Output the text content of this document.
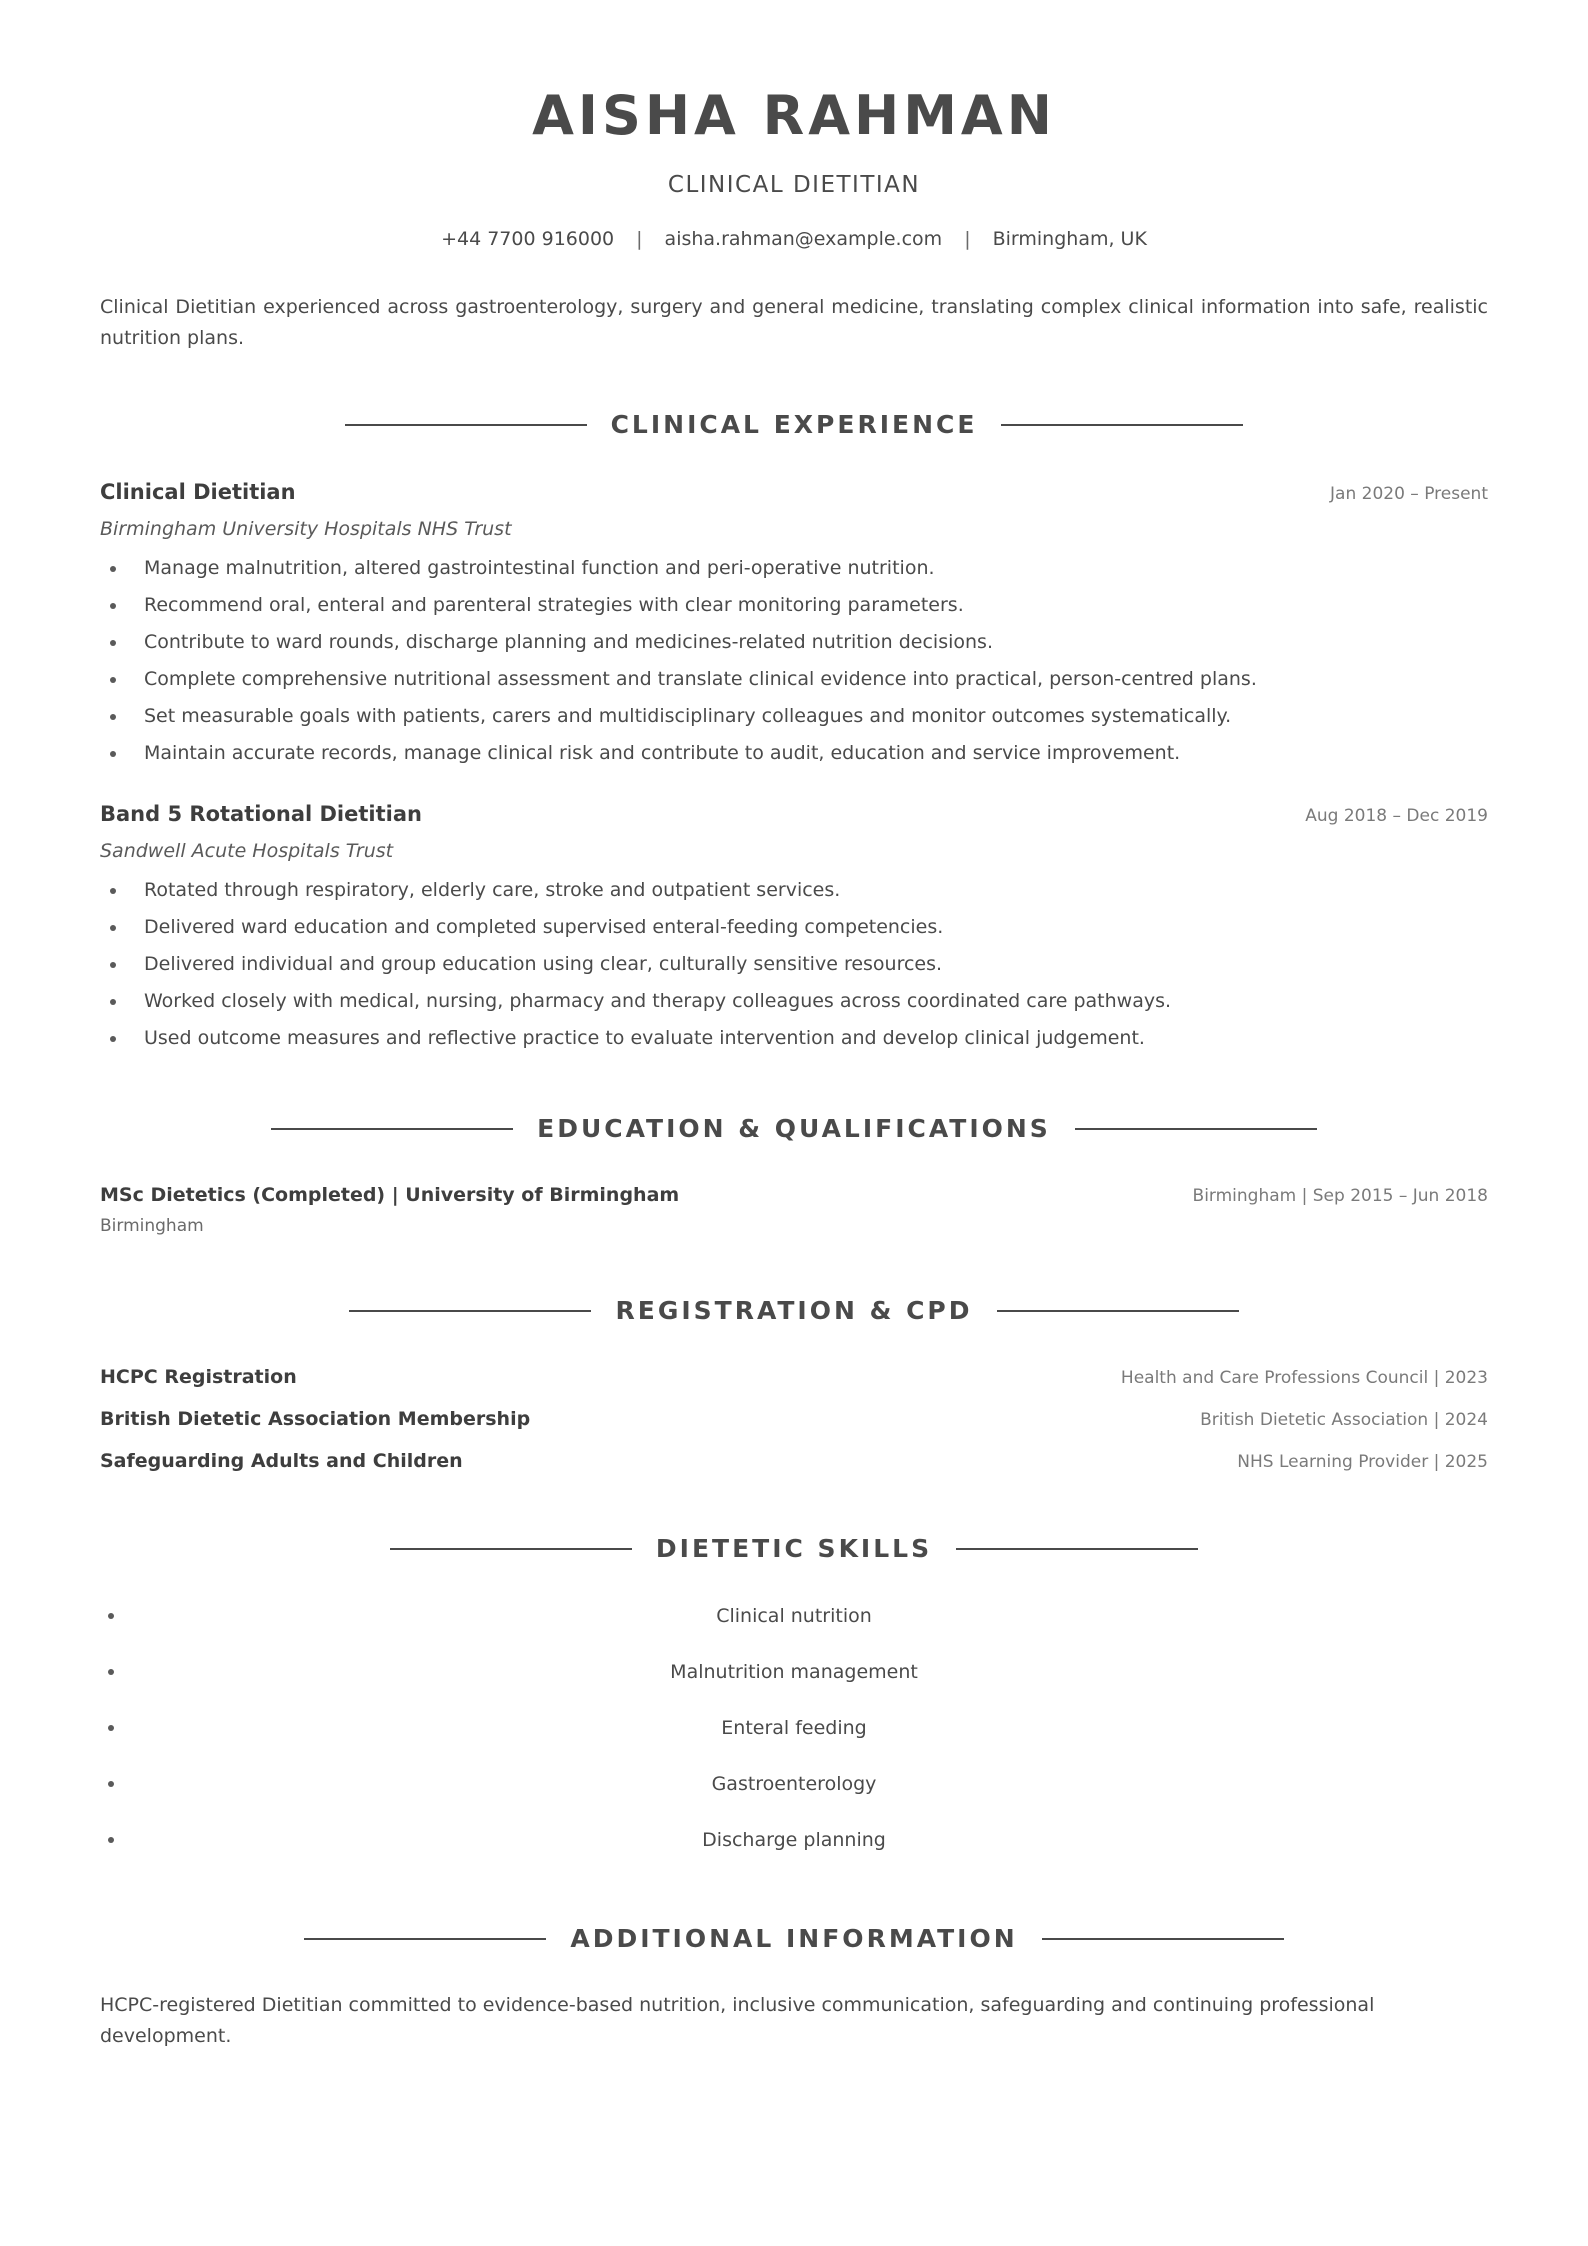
AISHA RAHMAN
CLINICAL DIETITIAN
+44 7700 916000 | aisha.rahman@example.com | Birmingham, UK
Clinical Dietitian experienced across gastroenterology, surgery and general medicine, translating complex clinical information into safe, realistic nutrition plans.
CLINICAL EXPERIENCE
Clinical Dietitian	Jan 2020 – Present
Birmingham University Hospitals NHS Trust
Manage malnutrition, altered gastrointestinal function and peri-operative nutrition.
Recommend oral, enteral and parenteral strategies with clear monitoring parameters.
Contribute to ward rounds, discharge planning and medicines-related nutrition decisions.
Complete comprehensive nutritional assessment and translate clinical evidence into practical, person-centred plans.
Set measurable goals with patients, carers and multidisciplinary colleagues and monitor outcomes systematically.
Maintain accurate records, manage clinical risk and contribute to audit, education and service improvement.
Band 5 Rotational Dietitian	Aug 2018 – Dec 2019
Sandwell Acute Hospitals Trust
Rotated through respiratory, elderly care, stroke and outpatient services.
Delivered ward education and completed supervised enteral-feeding competencies.
Delivered individual and group education using clear, culturally sensitive resources.
Worked closely with medical, nursing, pharmacy and therapy colleagues across coordinated care pathways.
Used outcome measures and reflective practice to evaluate intervention and develop clinical judgement.
EDUCATION & QUALIFICATIONS
MSc Dietetics (Completed) | University of Birmingham	Birmingham | Sep 2015 – Jun 2018
Birmingham
REGISTRATION & CPD
HCPC Registration	Health and Care Professions Council | 2023
British Dietetic Association Membership	British Dietetic Association | 2024
Safeguarding Adults and Children	NHS Learning Provider | 2025
DIETETIC SKILLS
Clinical nutrition
Malnutrition management
Enteral feeding
Gastroenterology
Discharge planning
ADDITIONAL INFORMATION
HCPC-registered Dietitian committed to evidence-based nutrition, inclusive communication, safeguarding and continuing professional development.
